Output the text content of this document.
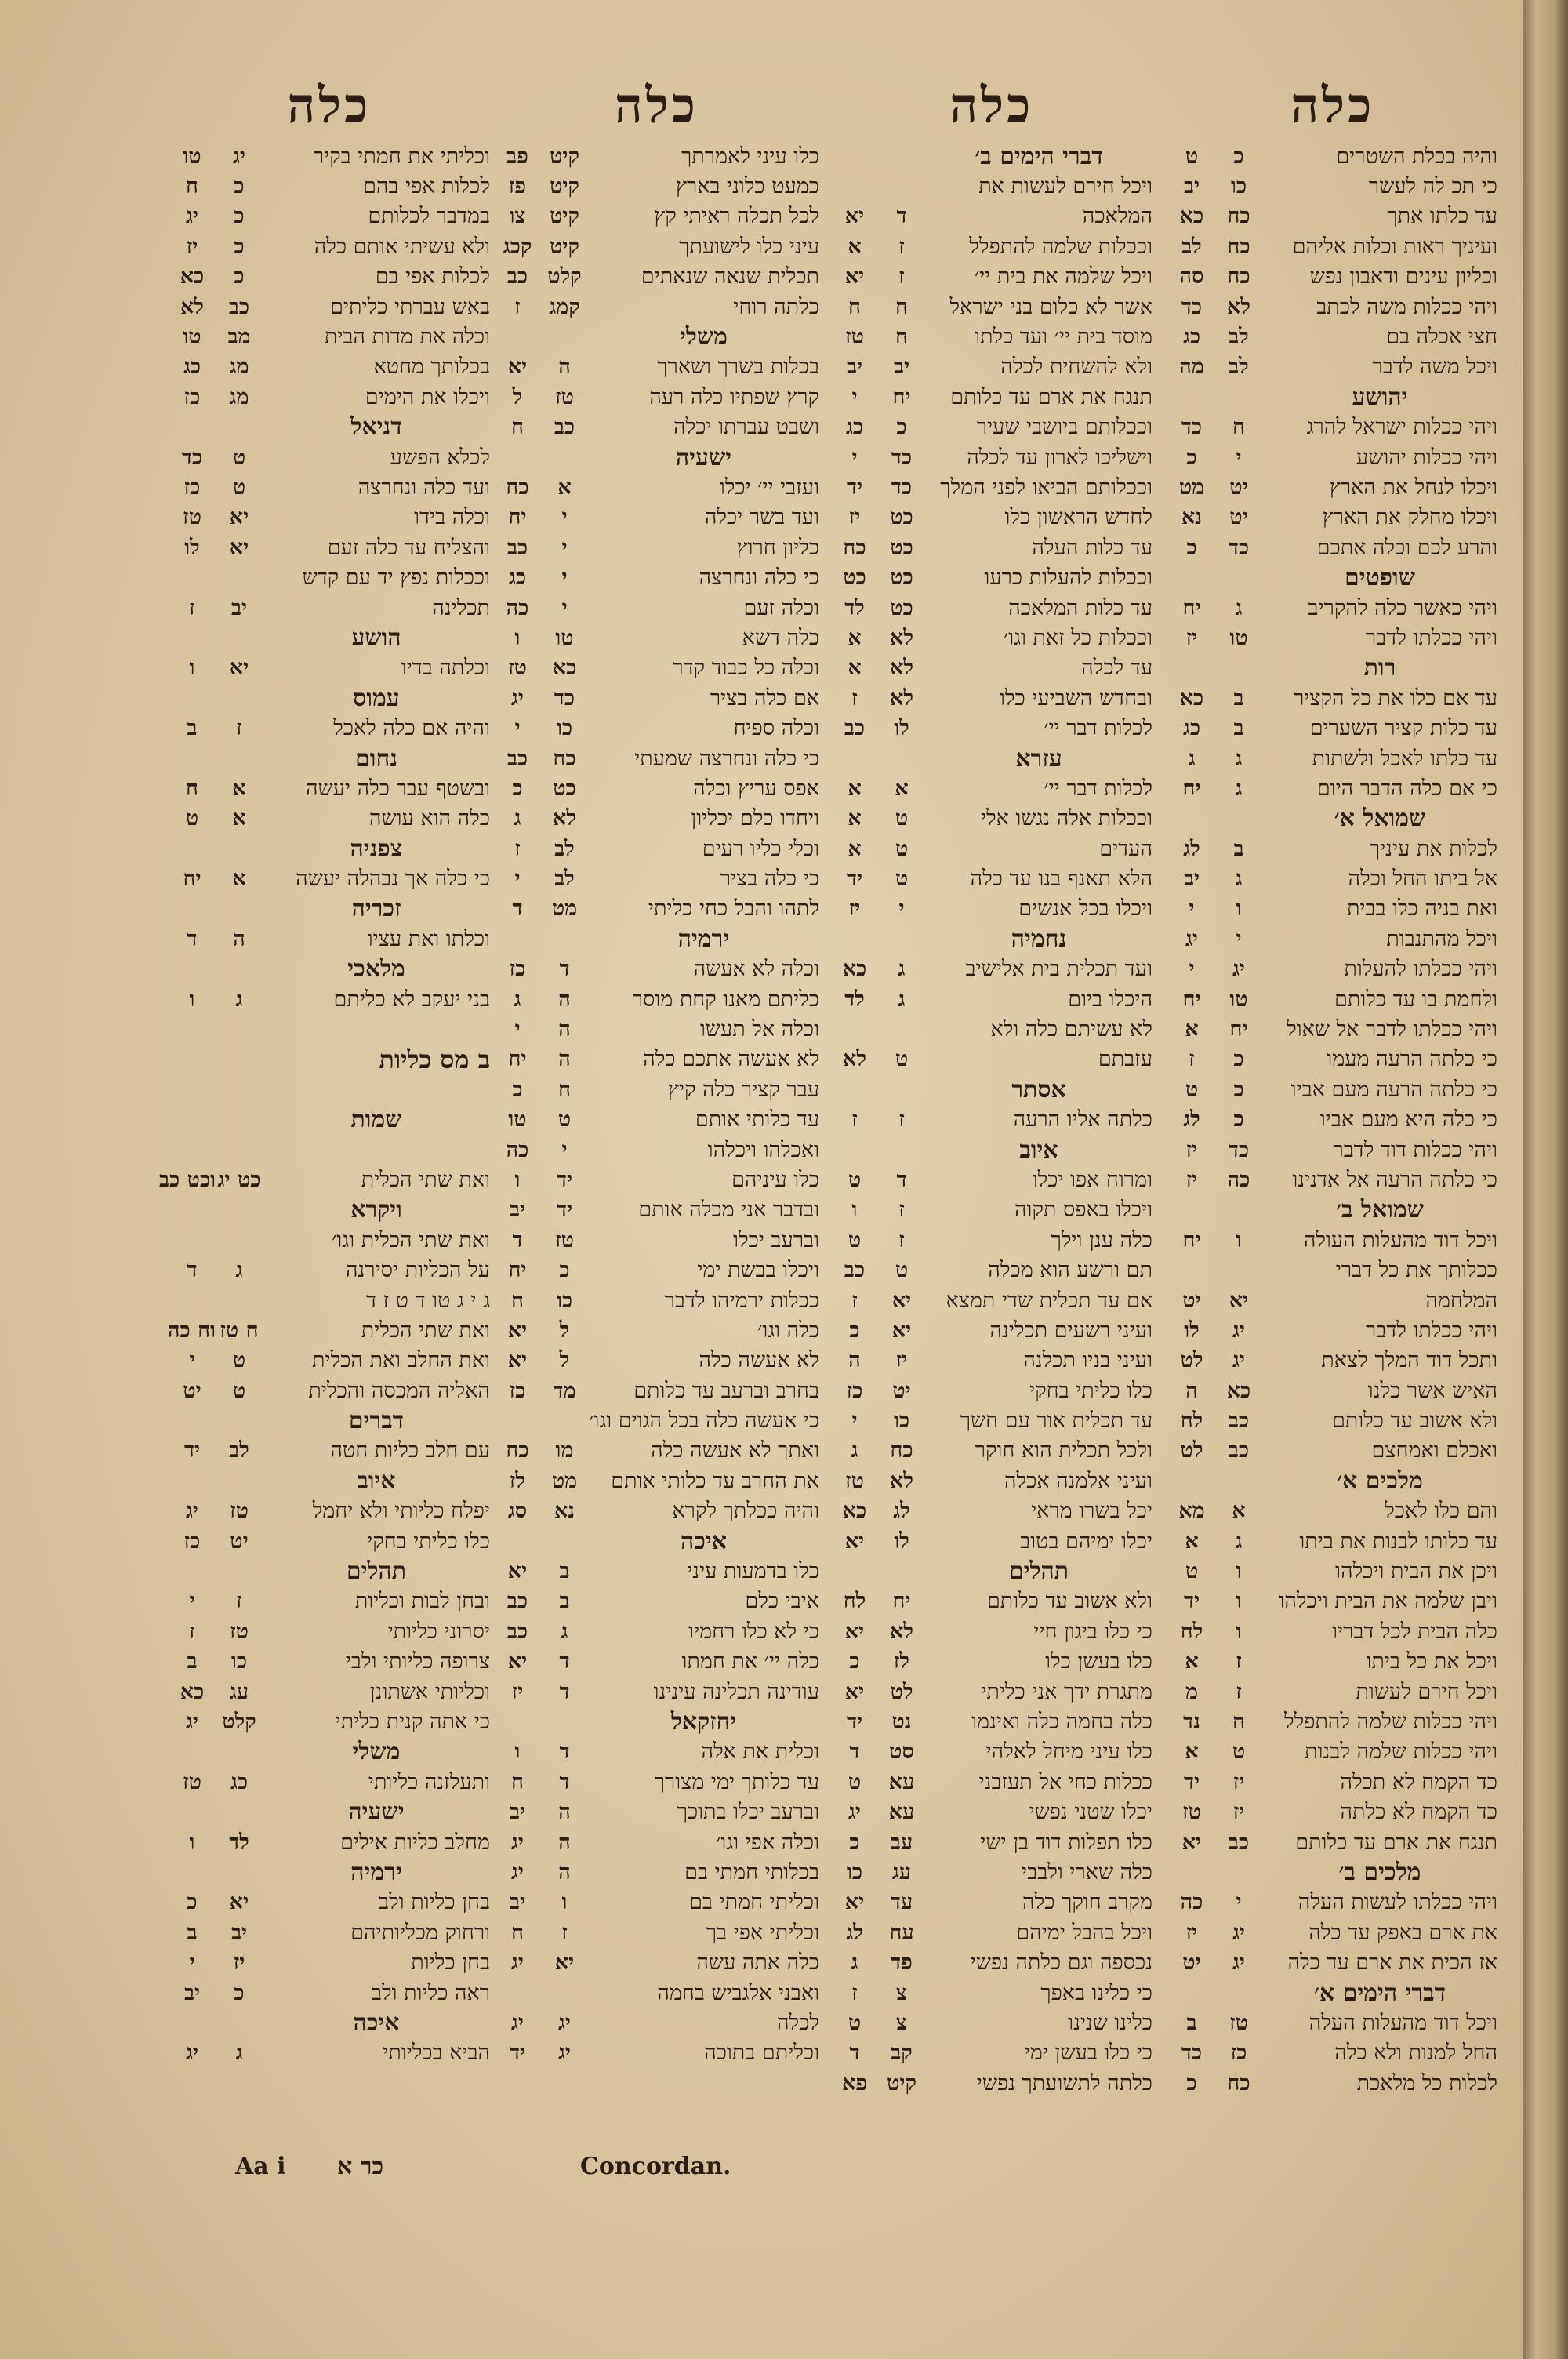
כלה
והיה בכלת השטרים
כ
ט
כי תכ לה לעשר
כו
יב
עד כלתו אתך
כח
כא
ועיניך ראות וכלות אליהם
כח
לב
וכליון עינים ודאבון נפש
כח
סה
ויהי ככלות משה לכתב
לא
כד
חצי אכלה בם
לב
כג
ויכל משה לדבר
לב
מה
יהושע
ויהי ככלות ישראל להרג
ח
כד
ויהי ככלות יהושע
י
כ
ויכלו לנחל את הארץ
יט
מט
ויכלו מחלק את הארץ
יט
נא
והרע לכם וכלה אתכם
כד
כ
שופטים
ויהי כאשר כלה להקריב
ג
יח
ויהי ככלתו לדבר
טו
יז
רות
עד אם כלו את כל הקציר
ב
כא
עד כלות קציר השערים
ב
כג
עד כלתו לאכל ולשתות
ג
ג
כי אם כלה הדבר היום
ג
יח
שמואל א׳
לכלות את עיניך
ב
לג
אל ביתו החל וכלה
ג
יב
ואת בניה כלו בבית
ו
י
ויכל מהתנבות
י
יג
ויהי ככלתו להעלות
יג
י
ולחמת בו עד כלותם
טו
יח
ויהי ככלתו לדבר אל שאול
יח
א
כי כלתה הרעה מעמו
כ
ז
כי כלתה הרעה מעם אביו
כ
ט
כי כלה היא מעם אביו
כ
לג
ויהי ככלות דוד לדבר
כד
יז
כי כלתה הרעה אל אדנינו
כה
יז
שמואל ב׳
ויכל דוד מהעלות העולה
ו
יח
ככלותך את כל דברי
המלחמה
יא
יט
ויהי ככלתו לדבר
יג
לו
ותכל דוד המלך לצאת
יג
לט
האיש אשר כלנו
כא
ה
ולא אשוב עד כלותם
כב
לח
ואכלם ואמחצם
כב
לט
מלכים א׳
והם כלו לאכל
א
מא
עד כלותו לבנות את ביתו
ג
א
ויכן את הבית ויכלהו
ו
ט
ויבן שלמה את הבית ויכלהו
ו
יד
כלה הבית לכל דבריו
ו
לח
ויכל את כל ביתו
ז
א
ויכל חירם לעשות
ז
מ
ויהי ככלות שלמה להתפלל
ח
נד
ויהי ככלות שלמה לבנות
ט
א
כד הקמח לא תכלה
יז
יד
כד הקמח לא כלתה
יז
טז
תנגח את ארם עד כלותם
כב
יא
מלכים ב׳
ויהי ככלתו לעשות העלה
י
כה
את ארם באפק עד כלה
יג
יז
אז הכית את ארם עד כלה
יג
יט
דברי הימים א׳
ויכל דוד מהעלות העלה
טז
ב
החל למנות ולא כלה
כז
כד
לכלות כל מלאכת
כח
כ
כלה
דברי הימים ב׳
ויכל חירם לעשות את
המלאכה
ד
יא
וככלות שלמה להתפלל
ז
א
ויכל שלמה את בית יי׳
ז
יא
אשר לא כלום בני ישראל
ח
ח
מוסד בית יי׳ ועד כלתו
ח
טז
ולא להשחית לכלה
יב
יב
תנגח את ארם עד כלותם
יח
י
וככלותם ביושבי שעיר
כ
כג
וישליכו לארון עד לכלה
כד
י
וככלותם הביאו לפני המלך
כד
יד
לחדש הראשון כלו
כט
יז
עד כלות העלה
כט
כח
וככלות להעלות כרעו
כט
כט
עד כלות המלאכה
כט
לד
וככלות כל זאת וגו׳
לא
א
עד לכלה
לא
א
ובחדש השביעי כלו
לא
ז
לכלות דבר יי׳
לו
כב
עזרא
לכלות דבר יי׳
א
א
וככלות אלה נגשו אלי
ט
א
העדים
ט
א
הלא תאנף בנו עד כלה
ט
יד
ויכלו בכל אנשים
י
יז
נחמיה
ועד תכלית בית אלישיב
ג
כא
היכלו ביום
ג
לד
לא עשיתם כלה ולא
עזבתם
ט
לא
אסתר
כלתה אליו הרעה
ז
ז
איוב
ומרוח אפו יכלו
ד
ט
ויכלו באפס תקוה
ז
ו
כלה ענן וילך
ז
ט
תם ורשע הוא מכלה
ט
כב
אם עד תכלית שדי תמצא
יא
ז
ועיני רשעים תכלינה
יא
כ
ועיני בניו תכלנה
יז
ה
כלו כליתי בחקי
יט
כז
עד תכלית אור עם חשך
כו
י
ולכל תכלית הוא חוקר
כח
ג
ועיני אלמנה אכלה
לא
טז
יכל בשרו מראי
לג
כא
יכלו ימיהם בטוב
לו
יא
תהלים
ולא אשוב עד כלותם
יח
לח
כי כלו ביגון חיי
לא
יא
כלו בעשן כלו
לז
כ
מתגרת ידך אני כליתי
לט
יא
כלה בחמה כלה ואינמו
נט
יד
כלו עיני מיחל לאלהי
סט
ד
ככלות כחי אל תעזבני
עא
ט
יכלו שטני נפשי
עא
יג
כלו תפלות דוד בן ישי
עב
כ
כלה שארי ולבבי
עג
כו
מקרב חוקך כלה
עד
יא
ויכל בהבל ימיהם
עח
לג
נכספה וגם כלתה נפשי
פד
ג
כי כלינו באפך
צ
ז
כלינו שנינו
צ
ט
כי כלו בעשן ימי
קב
ד
כלתה לתשועתך נפשי
קיט
פא
כלה
כלו עיני לאמרתך
קיט
פב
כמעט כלוני בארץ
קיט
פז
לכל תכלה ראיתי קץ
קיט
צו
עיני כלו לישועתך
קיט
קכג
תכלית שנאה שנאתים
קלט
כב
כלתה רוחי
קמג
ז
משלי
בכלות בשרך ושארך
ה
יא
קרץ שפתיו כלה רעה
טז
ל
ושבט עברתו יכלה
כב
ח
ישעיה
ועזבי יי׳ יכלו
א
כח
ועד בשר יכלה
י
יח
כליון חרוץ
י
כב
כי כלה ונחרצה
י
כג
וכלה זעם
י
כה
כלה דשא
טו
ו
וכלה כל כבוד קדר
כא
טז
אם כלה בציר
כד
יג
וכלה ספיח
כו
י
כי כלה ונחרצה שמעתי
כח
כב
אפס עריץ וכלה
כט
כ
ויחדו כלם יכליון
לא
ג
וכלי כליו רעים
לב
ז
כי כלה בציר
לב
י
לתהו והבל כחי כליתי
מט
ד
ירמיה
וכלה לא אעשה
ד
כז
כליתם מאנו קחת מוסר
ה
ג
וכלה אל תעשו
ה
י
לא אעשה אתכם כלה
ה
יח
עבר קציר כלה קיץ
ח
כ
עד כלותי אותם
ט
טו
ואכלהו ויכלהו
י
כה
כלו עיניהם
יד
ו
ובדבר אני מכלה אותם
יד
יב
וברעב יכלו
טז
ד
ויכלו בבשת ימי
כ
יח
ככלות ירמיהו לדבר
כו
ח
כלה וגו׳
ל
יא
לא אעשה כלה
ל
יא
בחרב וברעב עד כלותם
מד
כז
כי אעשה כלה בכל הגוים וגו׳
ואתך לא אעשה כלה
מו
כח
את החרב עד כלותי אותם
מט
לז
והיה ככלתך לקרא
נא
סג
איכה
כלו בדמעות עיני
ב
יא
איבי כלם
ב
כב
כי לא כלו רחמיו
ג
כב
כלה יי׳ את חמתו
ד
יא
עודינה תכלינה עינינו
ד
יז
יחזקאל
וכלית את אלה
ד
ו
עד כלותך ימי מצורך
ד
ח
וברעב יכלו בתוכך
ה
יב
וכלה אפי וגו׳
ה
יג
בכלותי חמתי בם
ה
יג
וכליתי חמתי בם
ו
יב
וכליתי אפי בך
ז
ח
כלה אתה עשה
יא
יג
ואבני אלגביש בחמה
לכלה
יג
יג
וכליתם בתוכה
יג
יד
כלה
וכליתי את חמתי בקיר
יג
טו
לכלות אפי בהם
כ
ח
במדבר לכלותם
כ
יג
ולא עשיתי אותם כלה
כ
יז
לכלות אפי בם
כ
כא
באש עברתי כליתים
כב
לא
וכלה את מדות הבית
מב
טו
בכלותך מחטא
מג
כג
ויכלו את הימים
מג
כז
דניאל
לכלא הפשע
ט
כד
ועד כלה ונחרצה
ט
כז
וכלה בידו
יא
טז
והצליח עד כלה זעם
יא
לו
וככלות נפץ יד עם קדש
תכלינה
יב
ז
הושע
וכלתה בדיו
יא
ו
עמוס
והיה אם כלה לאכל
ז
ב
נחום
ובשטף עבר כלה יעשה
א
ח
כלה הוא עושה
א
ט
צפניה
כי כלה אך נבהלה יעשה
א
יח
זכריה
וכלתו ואת עציו
ה
ד
מלאכי
בני יעקב לא כליתם
ג
ו
ב מס כליות
שמות
ואת שתי הכלית
כט יג
וכט כב
ויקרא
ואת שתי הכלית וגו׳
על הכליות יסירנה
ג
ד
ג י ג טו ד ט ז ד
ואת שתי הכלית
ח טז
וח כה
ואת החלב ואת הכלית
ט
י
האליה המכסה והכלית
ט
יט
דברים
עם חלב כליות חטה
לב
יד
איוב
יפלח כליותי ולא יחמל
טז
יג
כלו כליתי בחקי
יט
כז
תהלים
ובחן לבות וכליות
ז
י
יסרוני כליותי
טז
ז
צרופה כליותי ולבי
כו
ב
וכליותי אשתונן
עג
כא
כי אתה קנית כליתי
קלט
יג
משלי
ותעלזנה כליותי
כג
טז
ישעיה
מחלב כליות אילים
לד
ו
ירמיה
בחן כליות ולב
יא
כ
ורחוק מכליותיהם
יב
ב
בחן כליות
יז
י
ראה כליות ולב
כ
יב
איכה
הביא בכליותי
ג
יג
Aa i כר א	Concordan.
